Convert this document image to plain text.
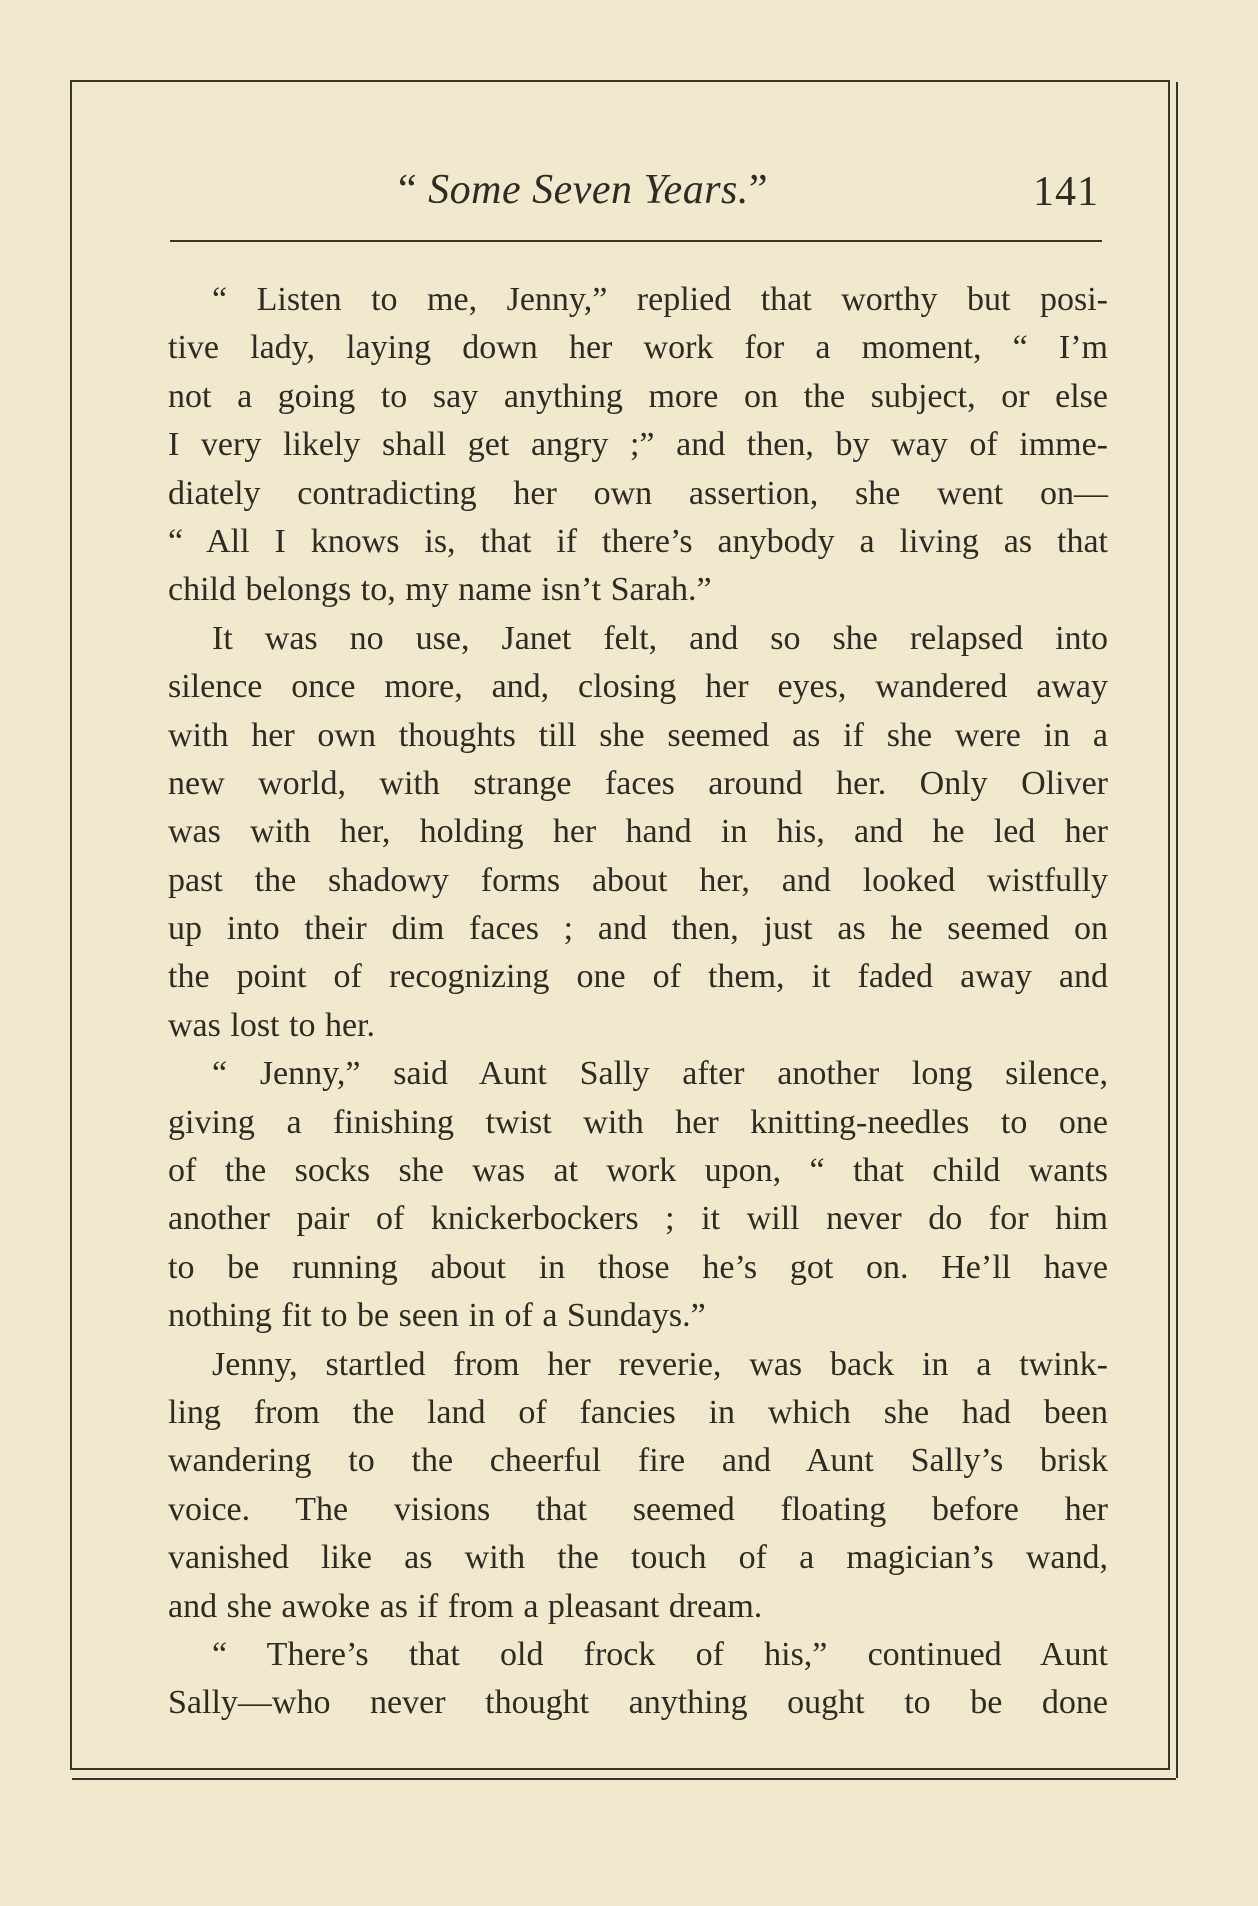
“ Some Seven Years.”	141
“ Listen to me, Jenny,” replied that worthy but posi-
tive lady, laying down her work for a moment, “ I’m
not a going to say anything more on the subject, or else
I very likely shall get angry ;” and then, by way of imme-
diately contradicting her own assertion, she went on—
“ All I knows is, that if there’s anybody a living as that
child belongs to, my name isn’t Sarah.”
It was no use, Janet felt, and so she relapsed into
silence once more, and, closing her eyes, wandered away
with her own thoughts till she seemed as if she were in a
new world, with strange faces around her. Only Oliver
was with her, holding her hand in his, and he led her
past the shadowy forms about her, and looked wistfully
up into their dim faces ; and then, just as he seemed on
the point of recognizing one of them, it faded away and
was lost to her.
“ Jenny,” said Aunt Sally after another long silence,
giving a finishing twist with her knitting-needles to one
of the socks she was at work upon, “ that child wants
another pair of knickerbockers ; it will never do for him
to be running about in those he’s got on. He’ll have
nothing fit to be seen in of a Sundays.”
Jenny, startled from her reverie, was back in a twink-
ling from the land of fancies in which she had been
wandering to the cheerful fire and Aunt Sally’s brisk
voice. The visions that seemed floating before her
vanished like as with the touch of a magician’s wand,
and she awoke as if from a pleasant dream.
“ There’s that old frock of his,” continued Aunt
Sally—who never thought anything ought to be done
